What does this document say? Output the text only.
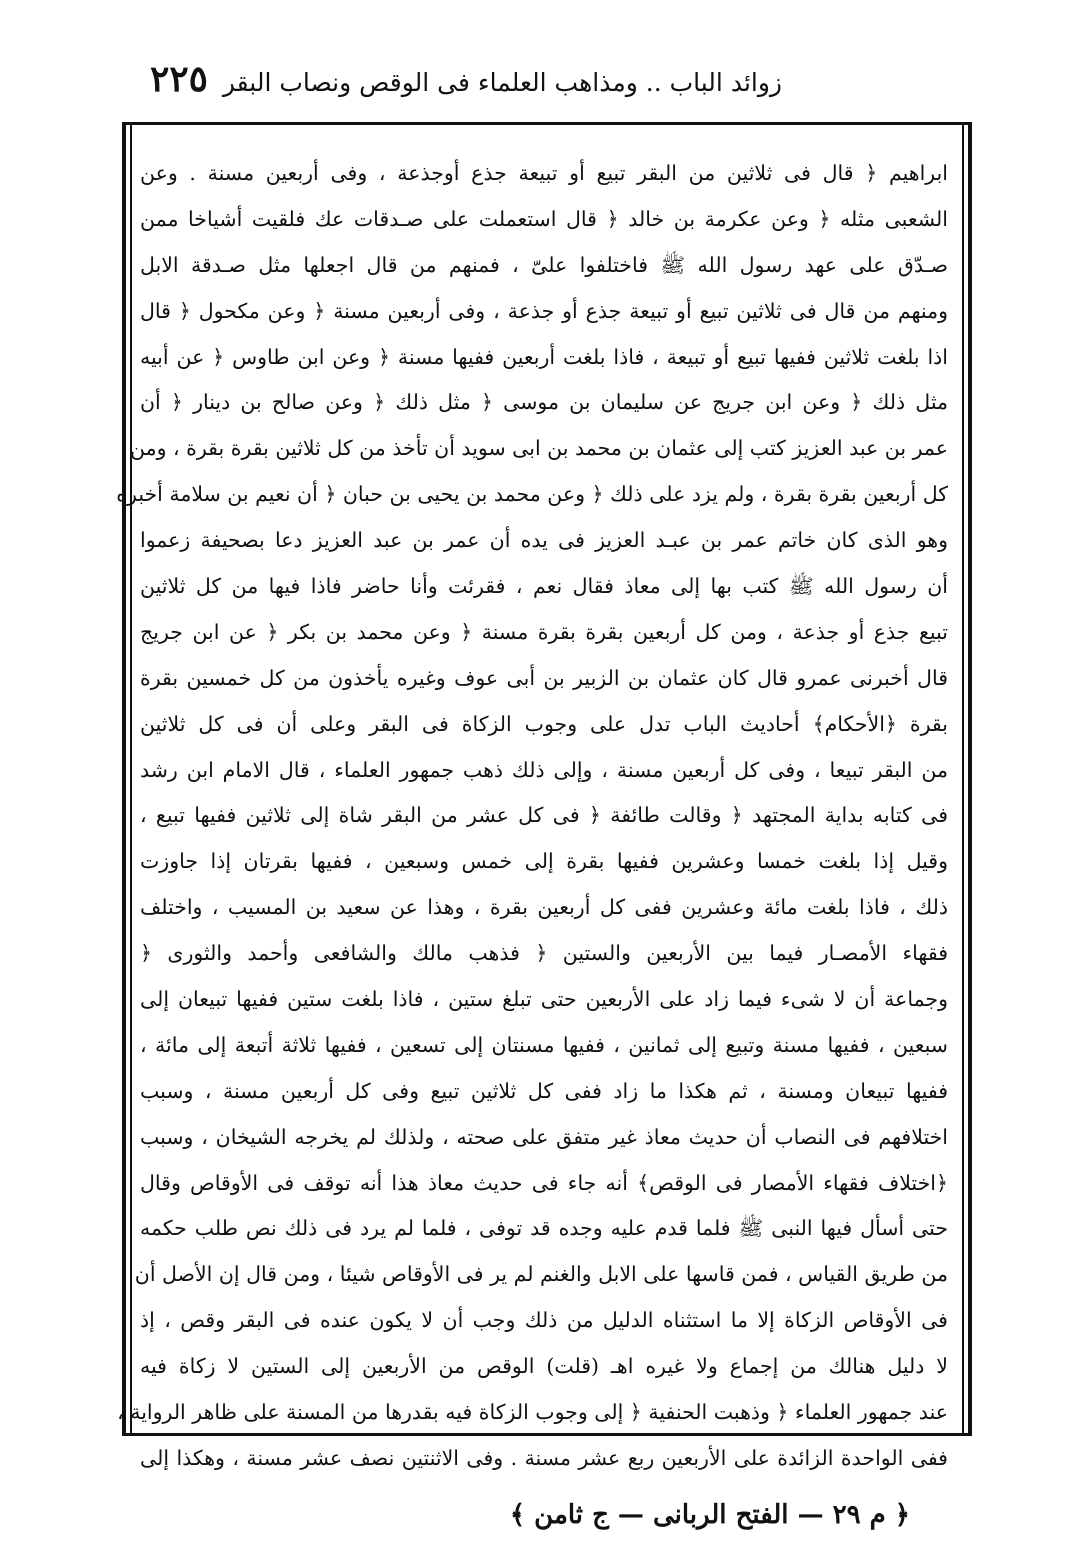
زوائد الباب .. ومذاهب العلماء فى الوقص ونصاب البقر
٢٢٥
ابراهيم ﴿ قال فى ثلاثين من البقر تبيع أو تبيعة جذع أوجذعة ، وفى أربعين مسنة . وعن
الشعبى مثله ﴿ وعن عكرمة بن خالد ﴿ قال استعملت على صـدقات عك فلقيت أشياخا ممن
صـدّق على عهد رسول الله ﷺ فاختلفوا علىّ ، فمنهم من قال اجعلها مثل صـدقة الابل
ومنهم من قال فى ثلاثين تبيع أو تبيعة جذع أو جذعة ، وفى أربعين مسنة ﴿ وعن مكحول ﴿ قال
اذا بلغت ثلاثين ففيها تبيع أو تبيعة ، فاذا بلغت أربعين ففيها مسنة ﴿ وعن ابن طاوس ﴿ عن أبيه
مثل ذلك ﴿ وعن ابن جريج عن سليمان بن موسى ﴿ مثل ذلك ﴿ وعن صالح بن دينار ﴿ أن
عمر بن عبد العزيز كتب إلى عثمان بن محمد بن ابى سويد أن تأخذ من كل ثلاثين بقرة بقرة ، ومن
كل أربعين بقرة بقرة ، ولم يزد على ذلك ﴿ وعن محمد بن يحيى بن حبان ﴿ أن نعيم بن سلامة أخبره
وهو الذى كان خاتم عمر بن عبـد العزيز فى يده أن عمر بن عبد العزيز دعا بصحيفة زعموا
أن رسول الله ﷺ كتب بها إلى معاذ فقال نعم ، فقرئت وأنا حاضر فاذا فيها من كل ثلاثين
تبيع جذع أو جذعة ، ومن كل أربعين بقرة بقرة مسنة ﴿ وعن محمد بن بكر ﴿ عن ابن جريج
قال أخبرنى عمرو قال كان عثمان بن الزبير بن أبى عوف وغيره يأخذون من كل خمسين بقرة
بقرة ﴿الأحكام﴾ أحاديث الباب تدل على وجوب الزكاة فى البقر وعلى أن فى كل ثلاثين
من البقر تبيعا ، وفى كل أربعين مسنة ، وإلى ذلك ذهب جمهور العلماء ، قال الامام ابن رشد
فى كتابه بداية المجتهد ﴿ وقالت طائفة ﴿ فى كل عشر من البقر شاة إلى ثلاثين ففيها تبيع ،
وقيل إذا بلغت خمسا وعشرين ففيها بقرة إلى خمس وسبعين ، ففيها بقرتان إذا جاوزت
ذلك ، فاذا بلغت مائة وعشرين ففى كل أربعين بقرة ، وهذا عن سعيد بن المسيب ، واختلف
فقهاء الأمصـار فيما بين الأربعين والستين ﴿ فذهب مالك والشافعى وأحمد والثورى ﴿
وجماعة أن لا شىء فيما زاد على الأربعين حتى تبلغ ستين ، فاذا بلغت ستين ففيها تبيعان إلى
سبعين ، ففيها مسنة وتبيع إلى ثمانين ، ففيها مسنتان إلى تسعين ، ففيها ثلاثة أتبعة إلى مائة ،
ففيها تبيعان ومسنة ، ثم هكذا ما زاد ففى كل ثلاثين تبيع وفى كل أربعين مسنة ، وسبب
اختلافهم فى النصاب أن حديث معاذ غير متفق على صحته ، ولذلك لم يخرجه الشيخان ، وسبب
﴿اختلاف فقهاء الأمصار فى الوقص﴾ أنه جاء فى حديث معاذ هذا أنه توقف فى الأوقاص وقال
حتى أسأل فيها النبى ﷺ فلما قدم عليه وجده قد توفى ، فلما لم يرد فى ذلك نص طلب حكمه
من طريق القياس ، فمن قاسها على الابل والغنم لم ير فى الأوقاص شيئا ، ومن قال إن الأصل أن
فى الأوقاص الزكاة إلا ما استثناه الدليل من ذلك وجب أن لا يكون عنده فى البقر وقص ، إذ
لا دليل هنالك من إجماع ولا غيره اهـ (قلت) الوقص من الأربعين إلى الستين لا زكاة فيه
عند جمهور العلماء ﴿ وذهبت الحنفية ﴿ إلى وجوب الزكاة فيه بقدرها من المسنة على ظاهر الرواية ،
ففى الواحدة الزائدة على الأربعين ربع عشر مسنة . وفى الاثنتين نصف عشر مسنة ، وهكذا إلى
﴿ م ٢٩ — الفتح الربانى — ج ثامن ﴾
